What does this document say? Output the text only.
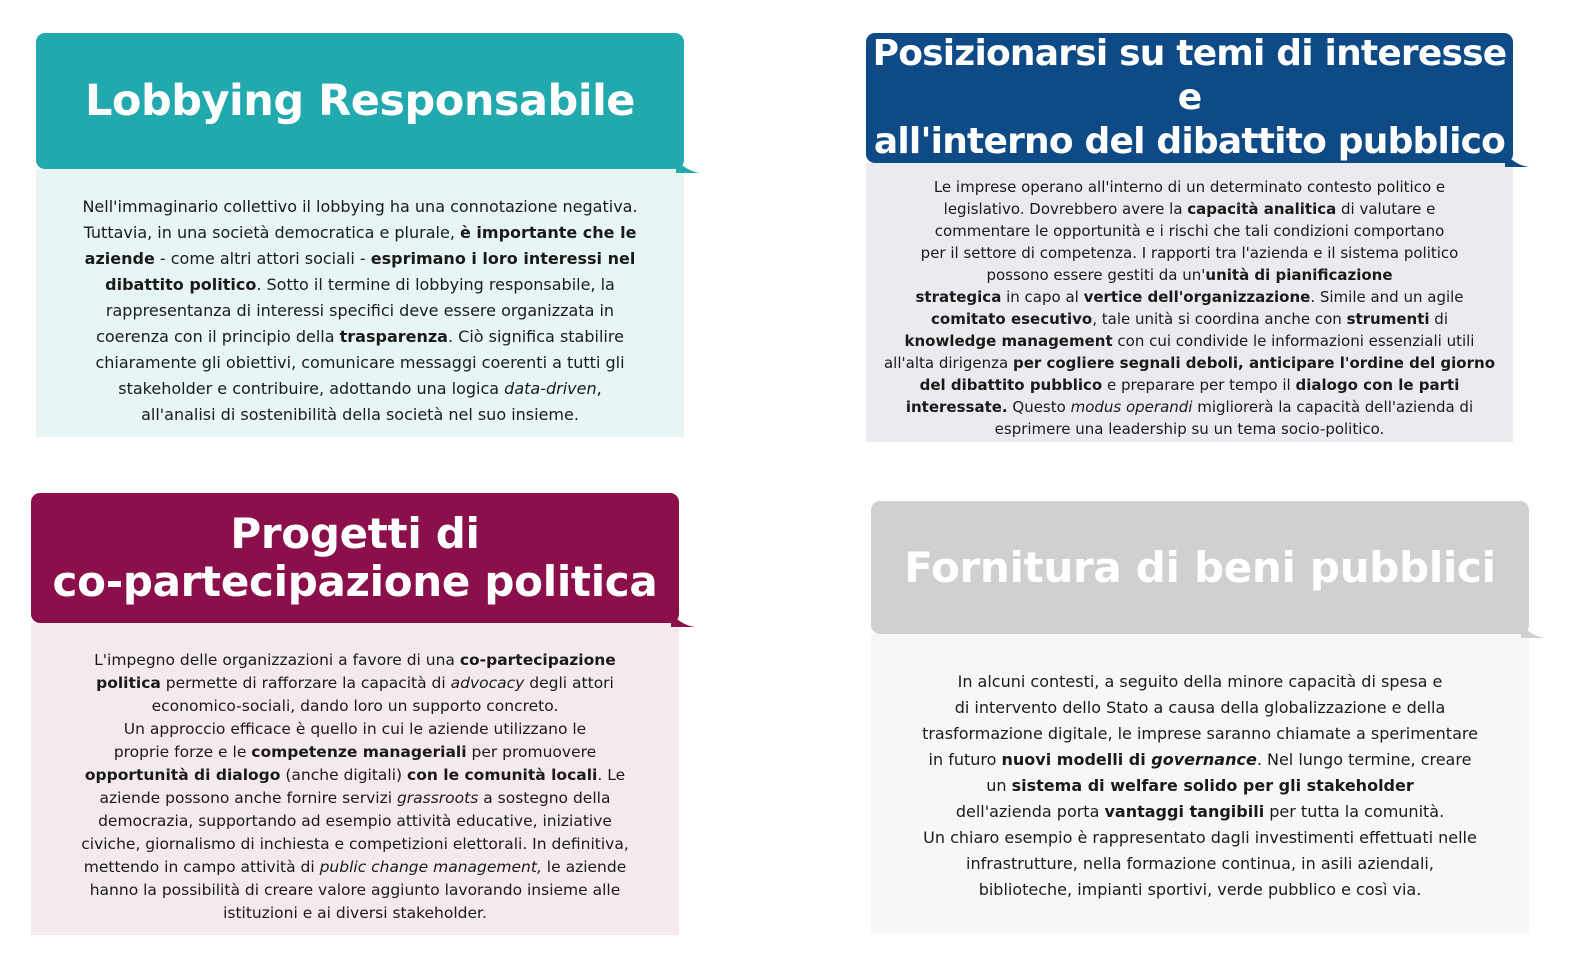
Lobbying Responsabile

Nell'immaginario collettivo il lobbying ha una connotazione negativa.

Tuttavia, in una società democratica e plurale, è importante che le

aziende - come altri attori sociali - esprimano i loro interessi nel

dibattito politico. Sotto il termine di lobbying responsabile, la

rappresentanza di interessi specifici deve essere organizzata in

coerenza con il principio della trasparenza. Ciò significa stabilire

chiaramente gli obiettivi, comunicare messaggi coerenti a tutti gli

stakeholder e contribuire, adottando una logica data-driven,

all'analisi di sostenibilità della società nel suo insieme.

Posizionarsi su temi di interesse e
all'interno del dibattito pubblico

Le imprese operano all'interno di un determinato contesto politico e

legislativo. Dovrebbero avere la capacità analitica di valutare e

commentare le opportunità e i rischi che tali condizioni comportano

per il settore di competenza. I rapporti tra l'azienda e il sistema politico

possono essere gestiti da un'unità di pianificazione

strategica in capo al vertice dell'organizzazione. Simile and un agile

comitato esecutivo, tale unità si coordina anche con strumenti di

knowledge management con cui condivide le informazioni essenziali utili

all'alta dirigenza per cogliere segnali deboli, anticipare l'ordine del giorno

del dibattito pubblico e preparare per tempo il dialogo con le parti

interessate. Questo modus operandi migliorerà la capacità dell'azienda di

esprimere una leadership su un tema socio-politico.

Progetti di
co-partecipazione politica

L'impegno delle organizzazioni a favore di una co-partecipazione

politica permette di rafforzare la capacità di advocacy degli attori

economico-sociali, dando loro un supporto concreto.

Un approccio efficace è quello in cui le aziende utilizzano le

proprie forze e le competenze manageriali per promuovere

opportunità di dialogo (anche digitali) con le comunità locali. Le

aziende possono anche fornire servizi grassroots a sostegno della

democrazia, supportando ad esempio attività educative, iniziative

civiche, giornalismo di inchiesta e competizioni elettorali. In definitiva,

mettendo in campo attività di public change management, le aziende

hanno la possibilità di creare valore aggiunto lavorando insieme alle

istituzioni e ai diversi stakeholder.

Fornitura di beni pubblici

In alcuni contesti, a seguito della minore capacità di spesa e

di intervento dello Stato a causa della globalizzazione e della

trasformazione digitale, le imprese saranno chiamate a sperimentare

in futuro nuovi modelli di governance. Nel lungo termine, creare

un sistema di welfare solido per gli stakeholder

dell'azienda porta vantaggi tangibili per tutta la comunità.

Un chiaro esempio è rappresentato dagli investimenti effettuati nelle

infrastrutture, nella formazione continua, in asili aziendali,

biblioteche, impianti sportivi, verde pubblico e così via.
